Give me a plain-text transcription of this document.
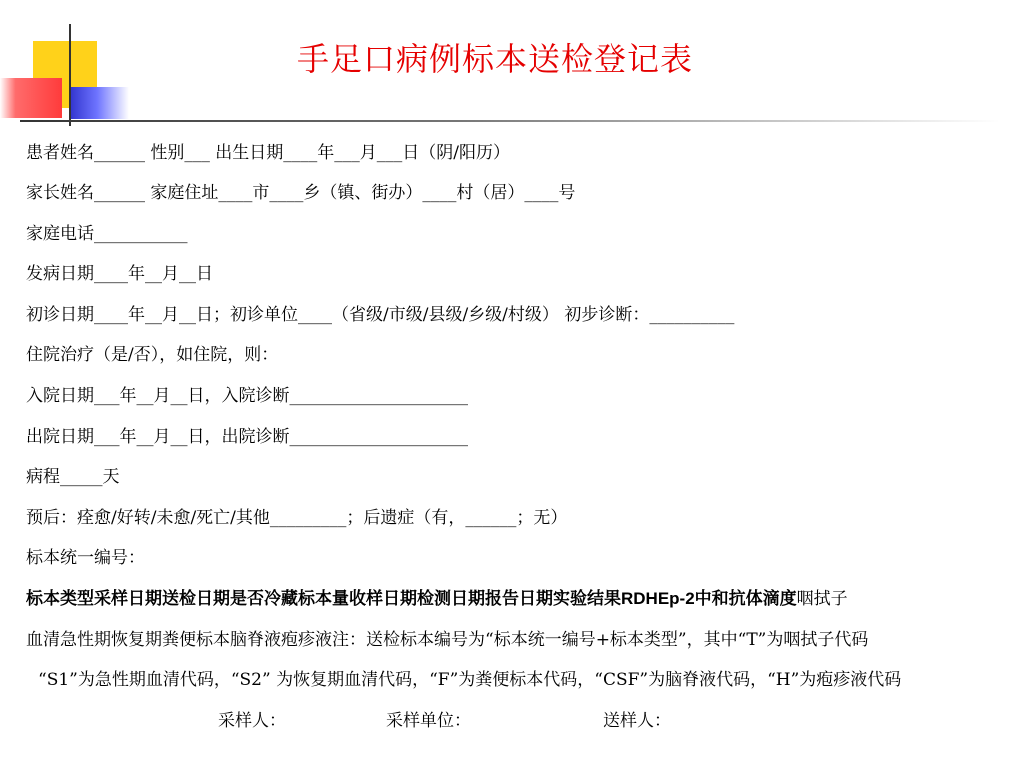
手足口病例标本送检登记表
患者姓名______ 性别___ 出生日期____年___月___日（阴/阳历）
家长姓名______ 家庭住址____市____乡（镇、街办）____村（居）____号
家庭电话___________
发病日期____年__月__日
初诊日期____年__月__日；初诊单位____（省级/市级/县级/乡级/村级） 初步诊断：__________
住院治疗（是/否），如住院，则：
入院日期___年__月__日，入院诊断_____________________
出院日期___年__月__日，出院诊断_____________________
病程_____天
预后：痊愈/好转/未愈/死亡/其他_________；后遗症（有，______；无）
标本统一编号：
标本类型采样日期送检日期是否冷藏标本量收样日期检测日期报告日期实验结果RDHEp-2中和抗体滴度咽拭子
血清急性期恢复期粪便标本脑脊液疱疹液注：送检标本编号为“标本统一编号+标本类型”，其中“T”为咽拭子代码
“S1”为急性期血清代码，“S2” 为恢复期血清代码，“F”为粪便标本代码，“CSF”为脑脊液代码，“H”为疱疹液代码
采样人：	采样单位：	送样人：
